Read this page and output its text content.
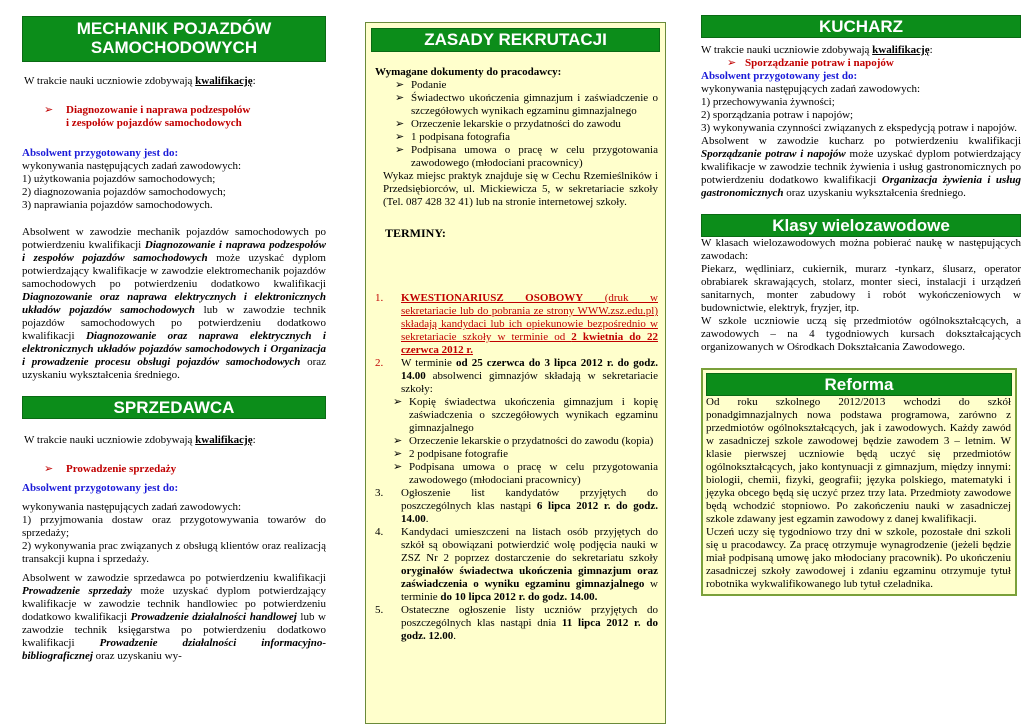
MECHANIK POJAZDÓW
SAMOCHODOWYCH

W trakcie nauki uczniowie zdobywają kwalifikację:

➢	Diagnozowanie i naprawa podzespołów
i zespołów pojazdów samochodowych

Absolwent przygotowany jest do:

wykonywania następujących zadań zawodowych:

1) użytkowania pojazdów samochodowych;

2) diagnozowania pojazdów samochodowych;

3) naprawiania pojazdów samochodowych.

Absolwent w zawodzie mechanik pojazdów samochodowych po potwierdzeniu kwalifikacji Diagnozowanie i naprawa podzespołów i zespołów pojazdów samochodowych może uzyskać dyplom potwierdzający kwalifikacje w zawodzie elektromechanik pojazdów samochodowych po potwierdzeniu dodatkowo kwalifikacji Diagnozowanie oraz naprawa elektrycznych i elektronicznych układów pojazdów samochodowych lub w zawodzie technik pojazdów samochodowych po potwierdzeniu dodatkowo kwalifikacji Diagnozowanie oraz naprawa elektrycznych i elektronicznych układów pojazdów samochodowych i Organizacja i prowadzenie procesu obsługi pojazdów samochodowych oraz uzyskaniu wykształcenia średniego.

SPRZEDAWCA

W trakcie nauki uczniowie zdobywają kwalifikację:

➢	Prowadzenie sprzedaży

Absolwent przygotowany jest do:

wykonywania następujących zadań zawodowych:

1) przyjmowania dostaw oraz przygotowywania towarów do sprzedaży;

2) wykonywania prac związanych z obsługą klientów oraz realizacją transakcji kupna i sprzedaży.

Absolwent w zawodzie sprzedawca po potwierdzeniu kwalifikacji Prowadzenie sprzedaży może uzyskać dyplom potwierdzający kwalifikacje w zawodzie technik handlowiec po potwierdzeniu dodatkowo kwalifikacji Prowadzenie działalności handlowej lub w zawodzie technik księgarstwa po potwierdzeniu dodatkowo kwalifikacji Prowadzenie działalności informacyjno-bibliograficznej oraz uzyskaniu wy-

ZASADY REKRUTACJI

Wymagane dokumenty do pracodawcy:

➢ Podanie
➢ Świadectwo ukończenia gimnazjum i zaświadczenie o szczegółowych wynikach egzaminu gimnazjalnego
➢ Orzeczenie lekarskie o przydatności do zawodu
➢ 1 podpisana fotografia
➢ Podpisana umowa o pracę w celu przygotowania zawodowego (młodociani pracownicy)

Wykaz miejsc praktyk znajduje się w Cechu Rzemieślników i Przedsiębiorców, ul. Mickiewicza 5, w sekretariacie szkoły (Tel. 087 428 32 41) lub na stronie internetowej szkoły.

TERMINY:

1.	KWESTIONARIUSZ OSOBOWY (druk w sekretariacie lub do pobrania ze strony WWW.zsz.edu.pl) składają kandydaci lub ich opiekunowie bezpośrednio w sekretariacie szkoły w terminie od 2 kwietnia do 22 czerwca 2012 r.
2.	W terminie od 25 czerwca do 3 lipca 2012 r. do godz. 14.00 absolwenci gimnazjów składają w sekretariacie szkoły:
➢ Kopię świadectwa ukończenia gimnazjum i kopię zaświadczenia o szczegółowych wynikach egzaminu gimnazjalnego
➢ Orzeczenie lekarskie o przydatności do zawodu (kopia)
➢ 2 podpisane fotografie
➢ Podpisana umowa o pracę w celu przygotowania zawodowego (młodociani pracownicy)
3.	Ogłoszenie list kandydatów przyjętych do poszczególnych klas nastąpi 6 lipca 2012 r. do godz. 14.00.
4.	Kandydaci umieszczeni na listach osób przyjętych do szkół są obowiązani potwierdzić wolę podjęcia nauki w ZSZ Nr 2 poprzez dostarczenie do sekretariatu szkoły oryginałów świadectwa ukończenia gimnazjum oraz zaświadczenia o wyniku egzaminu gimnazjalnego w terminie do 10 lipca 2012 r. do godz. 14.00.
5.	Ostateczne ogłoszenie listy uczniów przyjętych do poszczególnych klas nastąpi dnia 11 lipca 2012 r. do godz. 12.00.
KUCHARZ

W trakcie nauki uczniowie zdobywają kwalifikację:

➢ Sporządzanie potraw i napojów

Absolwent przygotowany jest do:

wykonywania następujących zadań zawodowych:

1) przechowywania żywności;

2) sporządzania potraw i napojów;

3) wykonywania czynności związanych z ekspedycją potraw i napojów.

Absolwent w zawodzie kucharz po potwierdzeniu kwalifikacji Sporządzanie potraw i napojów może uzyskać dyplom potwierdzający kwalifikacje w zawodzie technik żywienia i usług gastronomicznych po potwierdzeniu dodatkowo kwalifikacji Organizacja żywienia i usług gastronomicznych oraz uzyskaniu wykształcenia średniego.

Klasy wielozawodowe

W klasach wielozawodowych można pobierać naukę w następujących zawodach:

Piekarz, wędliniarz, cukiernik, murarz -tynkarz, ślusarz, operator obrabiarek skrawających, stolarz, monter sieci, instalacji i urządzeń sanitarnych, monter zabudowy i robót wykończeniowych w budownictwie, elektryk, fryzjer, itp.

W szkole uczniowie uczą się przedmiotów ogólnokształcących, a zawodowych – na 4 tygodniowych kursach dokształcających organizowanych w Ośrodkach Dokształcania Zawodowego.

Reforma

Od roku szkolnego 2012/2013 wchodzi do szkół ponadgimnazjalnych nowa podstawa programowa, zarówno z przedmiotów ogólnokształcących, jak i zawodowych. Każdy zawód w zasadniczej szkole zawodowej będzie zawodem 3 – letnim. W klasie pierwszej uczniowie będą uczyć się przedmiotów ogólnokształcących, jako kontynuacji z gimnazjum, między innymi: biologii, chemii, fizyki, geografii; języka polskiego, matematyki i języka obcego będą się uczyć przez trzy lata. Przedmioty zawodowe będą wchodzić stopniowo. Po zakończeniu nauki w zasadniczej szkole zdawany jest egzamin zawodowy z danej kwalifikacji.

Uczeń uczy się tygodniowo trzy dni w szkole, pozostałe dni szkoli się u pracodawcy. Za pracę otrzymuje wynagrodzenie (jeżeli będzie miał podpisaną umowę jako młodociany pracownik). Po ukończeniu zasadniczej szkoły zawodowej i zdaniu egzaminu otrzymuje tytuł robotnika wykwalifikowanego lub tytuł czeladnika.
